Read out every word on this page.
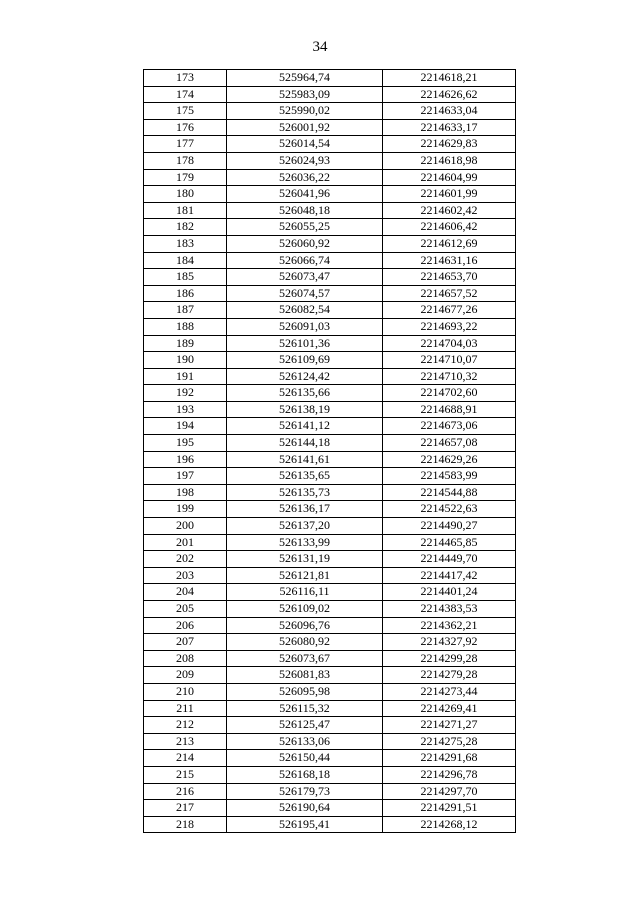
34
173	525964,74	2214618,21
174	525983,09	2214626,62
175	525990,02	2214633,04
176	526001,92	2214633,17
177	526014,54	2214629,83
178	526024,93	2214618,98
179	526036,22	2214604,99
180	526041,96	2214601,99
181	526048,18	2214602,42
182	526055,25	2214606,42
183	526060,92	2214612,69
184	526066,74	2214631,16
185	526073,47	2214653,70
186	526074,57	2214657,52
187	526082,54	2214677,26
188	526091,03	2214693,22
189	526101,36	2214704,03
190	526109,69	2214710,07
191	526124,42	2214710,32
192	526135,66	2214702,60
193	526138,19	2214688,91
194	526141,12	2214673,06
195	526144,18	2214657,08
196	526141,61	2214629,26
197	526135,65	2214583,99
198	526135,73	2214544,88
199	526136,17	2214522,63
200	526137,20	2214490,27
201	526133,99	2214465,85
202	526131,19	2214449,70
203	526121,81	2214417,42
204	526116,11	2214401,24
205	526109,02	2214383,53
206	526096,76	2214362,21
207	526080,92	2214327,92
208	526073,67	2214299,28
209	526081,83	2214279,28
210	526095,98	2214273,44
211	526115,32	2214269,41
212	526125,47	2214271,27
213	526133,06	2214275,28
214	526150,44	2214291,68
215	526168,18	2214296,78
216	526179,73	2214297,70
217	526190,64	2214291,51
218	526195,41	2214268,12
